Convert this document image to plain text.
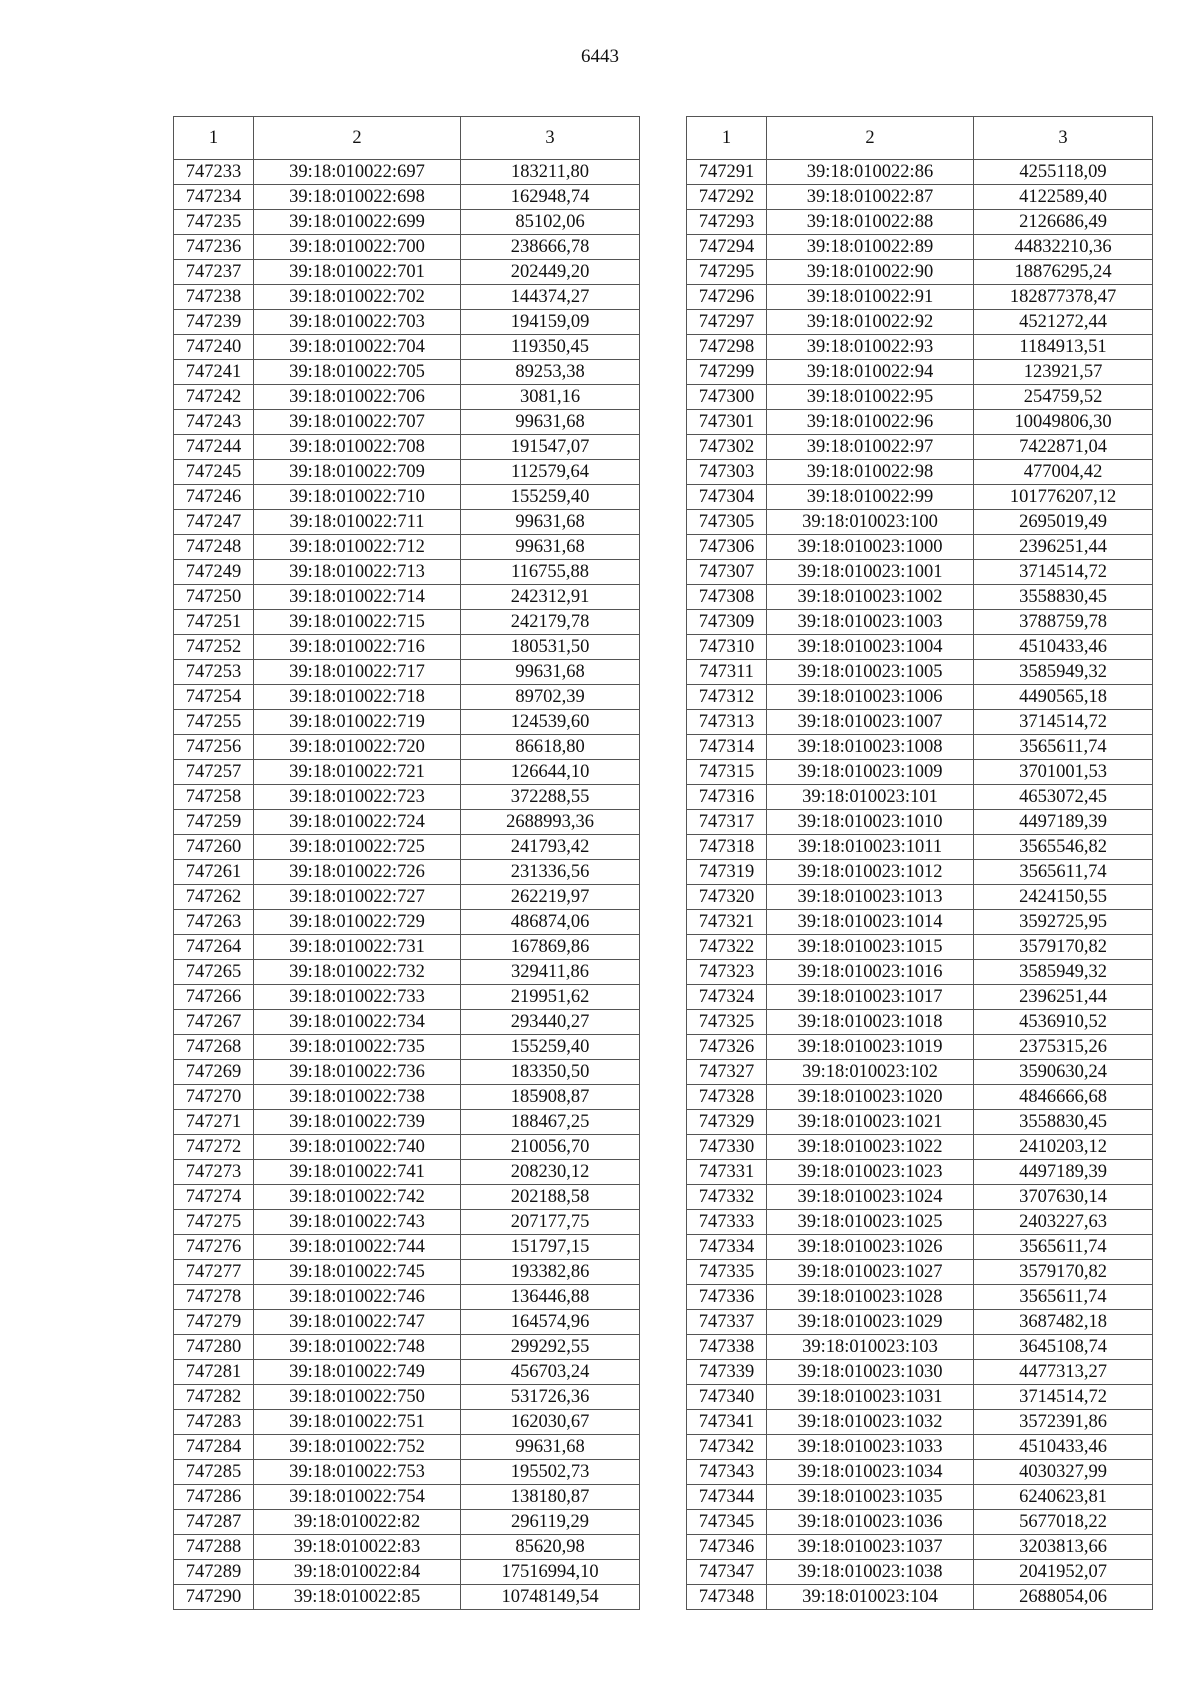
6443
1	2	3
747233	39:18:010022:697	183211,80
747234	39:18:010022:698	162948,74
747235	39:18:010022:699	85102,06
747236	39:18:010022:700	238666,78
747237	39:18:010022:701	202449,20
747238	39:18:010022:702	144374,27
747239	39:18:010022:703	194159,09
747240	39:18:010022:704	119350,45
747241	39:18:010022:705	89253,38
747242	39:18:010022:706	3081,16
747243	39:18:010022:707	99631,68
747244	39:18:010022:708	191547,07
747245	39:18:010022:709	112579,64
747246	39:18:010022:710	155259,40
747247	39:18:010022:711	99631,68
747248	39:18:010022:712	99631,68
747249	39:18:010022:713	116755,88
747250	39:18:010022:714	242312,91
747251	39:18:010022:715	242179,78
747252	39:18:010022:716	180531,50
747253	39:18:010022:717	99631,68
747254	39:18:010022:718	89702,39
747255	39:18:010022:719	124539,60
747256	39:18:010022:720	86618,80
747257	39:18:010022:721	126644,10
747258	39:18:010022:723	372288,55
747259	39:18:010022:724	2688993,36
747260	39:18:010022:725	241793,42
747261	39:18:010022:726	231336,56
747262	39:18:010022:727	262219,97
747263	39:18:010022:729	486874,06
747264	39:18:010022:731	167869,86
747265	39:18:010022:732	329411,86
747266	39:18:010022:733	219951,62
747267	39:18:010022:734	293440,27
747268	39:18:010022:735	155259,40
747269	39:18:010022:736	183350,50
747270	39:18:010022:738	185908,87
747271	39:18:010022:739	188467,25
747272	39:18:010022:740	210056,70
747273	39:18:010022:741	208230,12
747274	39:18:010022:742	202188,58
747275	39:18:010022:743	207177,75
747276	39:18:010022:744	151797,15
747277	39:18:010022:745	193382,86
747278	39:18:010022:746	136446,88
747279	39:18:010022:747	164574,96
747280	39:18:010022:748	299292,55
747281	39:18:010022:749	456703,24
747282	39:18:010022:750	531726,36
747283	39:18:010022:751	162030,67
747284	39:18:010022:752	99631,68
747285	39:18:010022:753	195502,73
747286	39:18:010022:754	138180,87
747287	39:18:010022:82	296119,29
747288	39:18:010022:83	85620,98
747289	39:18:010022:84	17516994,10
747290	39:18:010022:85	10748149,54
1	2	3
747291	39:18:010022:86	4255118,09
747292	39:18:010022:87	4122589,40
747293	39:18:010022:88	2126686,49
747294	39:18:010022:89	44832210,36
747295	39:18:010022:90	18876295,24
747296	39:18:010022:91	182877378,47
747297	39:18:010022:92	4521272,44
747298	39:18:010022:93	1184913,51
747299	39:18:010022:94	123921,57
747300	39:18:010022:95	254759,52
747301	39:18:010022:96	10049806,30
747302	39:18:010022:97	7422871,04
747303	39:18:010022:98	477004,42
747304	39:18:010022:99	101776207,12
747305	39:18:010023:100	2695019,49
747306	39:18:010023:1000	2396251,44
747307	39:18:010023:1001	3714514,72
747308	39:18:010023:1002	3558830,45
747309	39:18:010023:1003	3788759,78
747310	39:18:010023:1004	4510433,46
747311	39:18:010023:1005	3585949,32
747312	39:18:010023:1006	4490565,18
747313	39:18:010023:1007	3714514,72
747314	39:18:010023:1008	3565611,74
747315	39:18:010023:1009	3701001,53
747316	39:18:010023:101	4653072,45
747317	39:18:010023:1010	4497189,39
747318	39:18:010023:1011	3565546,82
747319	39:18:010023:1012	3565611,74
747320	39:18:010023:1013	2424150,55
747321	39:18:010023:1014	3592725,95
747322	39:18:010023:1015	3579170,82
747323	39:18:010023:1016	3585949,32
747324	39:18:010023:1017	2396251,44
747325	39:18:010023:1018	4536910,52
747326	39:18:010023:1019	2375315,26
747327	39:18:010023:102	3590630,24
747328	39:18:010023:1020	4846666,68
747329	39:18:010023:1021	3558830,45
747330	39:18:010023:1022	2410203,12
747331	39:18:010023:1023	4497189,39
747332	39:18:010023:1024	3707630,14
747333	39:18:010023:1025	2403227,63
747334	39:18:010023:1026	3565611,74
747335	39:18:010023:1027	3579170,82
747336	39:18:010023:1028	3565611,74
747337	39:18:010023:1029	3687482,18
747338	39:18:010023:103	3645108,74
747339	39:18:010023:1030	4477313,27
747340	39:18:010023:1031	3714514,72
747341	39:18:010023:1032	3572391,86
747342	39:18:010023:1033	4510433,46
747343	39:18:010023:1034	4030327,99
747344	39:18:010023:1035	6240623,81
747345	39:18:010023:1036	5677018,22
747346	39:18:010023:1037	3203813,66
747347	39:18:010023:1038	2041952,07
747348	39:18:010023:104	2688054,06
